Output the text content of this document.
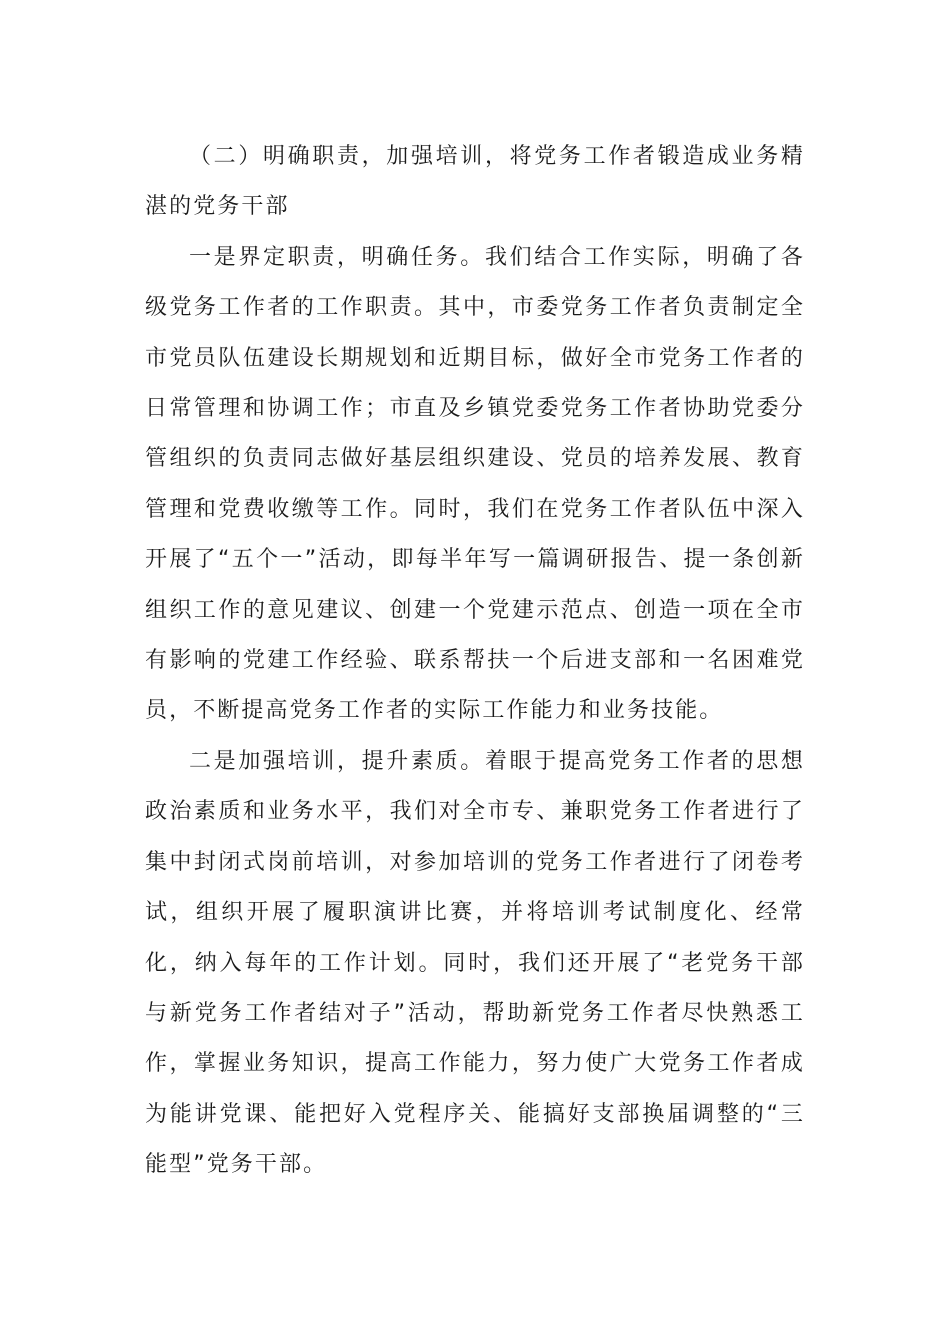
（二）明确职责，加强培训，将党务工作者锻造成业务精湛的党务干部

一是界定职责，明确任务。我们结合工作实际，明确了各级党务工作者的工作职责。其中，市委党务工作者负责制定全市党员队伍建设长期规划和近期目标，做好全市党务工作者的日常管理和协调工作；市直及乡镇党委党务工作者协助党委分管组织的负责同志做好基层组织建设、党员的培养发展、教育管理和党费收缴等工作。同时，我们在党务工作者队伍中深入开展了“五个一”活动，即每半年写一篇调研报告、提一条创新组织工作的意见建议、创建一个党建示范点、创造一项在全市有影响的党建工作经验、联系帮扶一个后进支部和一名困难党员，不断提高党务工作者的实际工作能力和业务技能。

二是加强培训，提升素质。着眼于提高党务工作者的思想政治素质和业务水平，我们对全市专、兼职党务工作者进行了集中封闭式岗前培训，对参加培训的党务工作者进行了闭卷考试，组织开展了履职演讲比赛，并将培训考试制度化、经常化，纳入每年的工作计划。同时，我们还开展了“老党务干部与新党务工作者结对子”活动，帮助新党务工作者尽快熟悉工作，掌握业务知识，提高工作能力，努力使广大党务工作者成为能讲党课、能把好入党程序关、能搞好支部换届调整的“三能型”党务干部。
